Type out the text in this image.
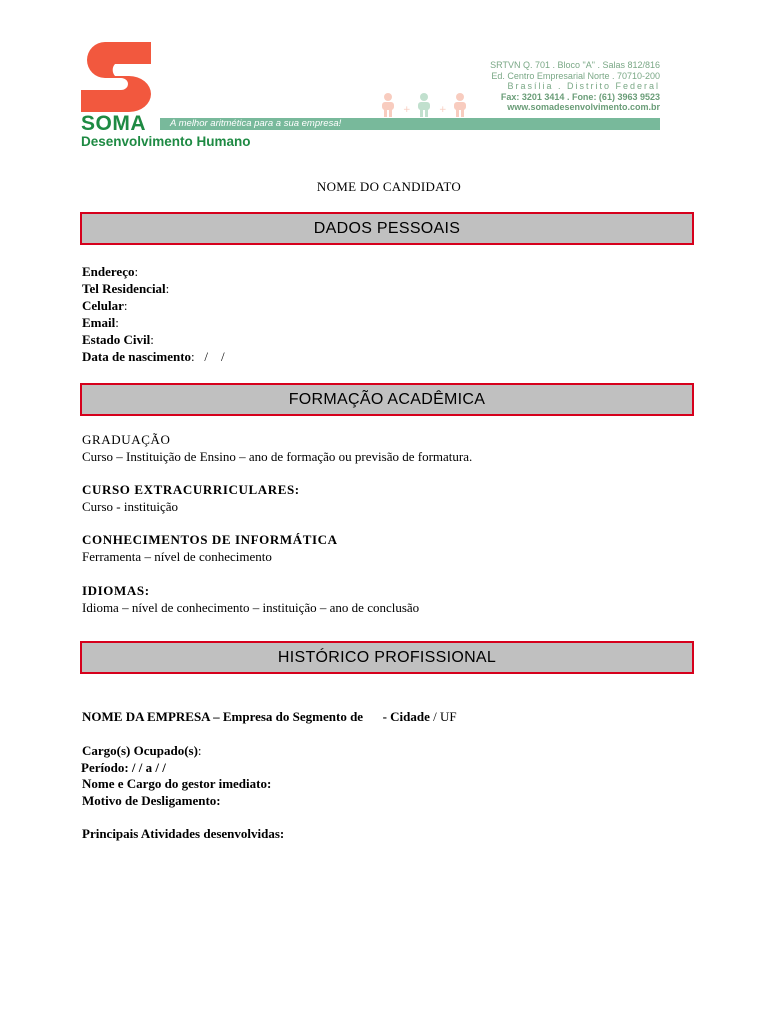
SOMA
Desenvolvimento Humano
A melhor aritmética para a sua empresa!
+	+
SRTVN Q. 701 . Bloco "A" . Salas 812/816
Ed. Centro Empresarial Norte . 70710-200
Brasília . Distrito Federal
Fax: 3201 3414 . Fone: (61) 3963 9523
www.somadesenvolvimento.com.br
NOME DO CANDIDATO
DADOS PESSOAIS
Endereço:
Tel Residencial:
Celular:
Email:
Estado Civil:
Data de nascimento:   /    /
FORMAÇÃO ACADÊMICA
GRADUAÇÃO
Curso – Instituição de Ensino – ano de formação ou previsão de formatura.
CURSO EXTRACURRICULARES:
Curso - instituição
CONHECIMENTOS DE INFORMÁTICA
Ferramenta – nível de conhecimento
IDIOMAS:
Idioma – nível de conhecimento – instituição – ano de conclusão
HISTÓRICO PROFISSIONAL
NOME DA EMPRESA – Empresa do Segmento de - Cidade / UF
Cargo(s) Ocupado(s):
Período: / / a / /
Nome e Cargo do gestor imediato:
Motivo de Desligamento:
Principais Atividades desenvolvidas:
